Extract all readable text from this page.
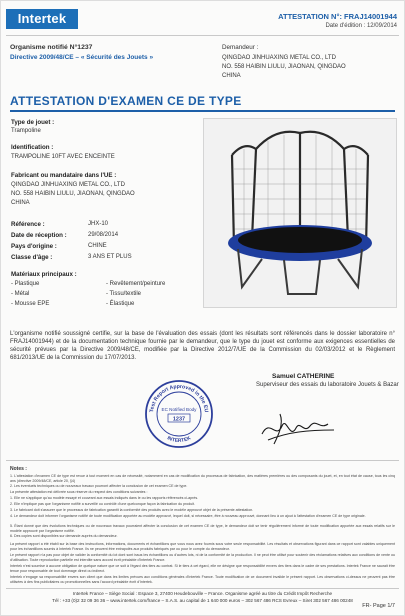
Intertek	ATTESTATION N°: FRAJ14001944
Date d'édition : 12/09/2014
Organisme notifié N°1237
Directive 2009/48/CE – « Sécurité des Jouets »
Demandeur :
QINGDAO JINHUAXING METAL CO., LTD
NO. 558 HAIBIN LIULU, JIAONAN, QINGDAO
CHINA
ATTESTATION D'EXAMEN CE DE TYPE
Type de jouet :
Trampoline
Identification :
TRAMPOLINE 10FT AVEC ENCEINTE
Fabricant ou mandataire dans l'UE :
QINGDAO JINHUAXING METAL CO., LTD
NO. 558 HAIBIN LIULU, JIAONAN, QINGDAO
CHINA
Référence :	JHX-10
Date de réception :	29/08/2014
Pays d'origine :	CHINE
Classe d'âge :	3 ANS ET PLUS
Matériaux principaux :
- Plastique
- Métal
- Mousse EPE
- Revêtement/peinture
- Tissu/textile
- Élastique
L'organisme notifié soussigné certifie, sur la base de l'évaluation des essais (dont les résultats sont référencés dans le dossier laboratoire n° FRAJ14001944) et de la documentation technique fournie par le demandeur, que le type du jouet est conforme aux exigences essentielles de sécurité prévues par la Directive 2009/48/CE, modifiée par la Directive 2012/7/UE de la Commission du 02/03/2012 et le Règlement 681/2013/UE de la Commission du 17/07/2013.
Samuel CATHERINE
Superviseur des essais du laboratoire Jouets & Bazar
Test Report Approved in the EU
EC Notified Body
1237
INTERTEK
Notes :
1. L'attestation d'examen CE de type est revue à tout moment en cas de nécessité, notamment en cas de modification du processus de fabrication, des matières premières ou des composants du jouet, et, en tout état de cause, tous les cinq ans (directive 2009/48/CE, article 20, §4)
2. Les éventuels techniques ou de nouveaux travaux pourront affecter la conclusion de cet examen CE de type.
La présente attestation est délivrée sous réserve du respect des conditions suivantes :
1. Elle ne s'applique qu'au modèle essayé et couvrant aux essais indiqués dans le ou les rapports référencés ci-après.
2. Elle n'implique pas que l'organisme notifié a surveillé ou contrôlé d'une quelconque façon la fabrication du produit.
3. Le fabricant doit s'assurer que le processus de fabrication garantit la conformité des produits avec le modèle approuvé objet de la présente attestation.
4. Le demandeur doit informer l'organisme notifié de toute modification apportée au modèle approuvé, lequel doit, si nécessaire, être à nouveau approuvé, donnant lieu à un ajout à l'attestation d'examen CE de type originale.
5. Étant donné que des évolutions techniques ou de nouveaux travaux pourraient affecter la conclusion de cet examen CE de type, le demandeur doit se tenir régulièrement informé de toute modification apportée aux essais relatifs sur le modèle approuvé par l'organisme notifié.
6. Des copies sont disponibles sur demande auprès du demandeur.
La présent rapport a été établi sur la base des instructions, informations, documents et échantillons que vous nous avez fournis sous votre seule responsabilité. Les résultats et observations figurant dans ce rapport sont valables uniquement pour les échantillons soumis à Intertek France. Ils ne peuvent être extrapolés aux produits fabriqués par ou pour le compte du demandeur.
Le présent rapport n'a pas pour objet de valider la conformité du lot dont sont issus les échantillons ou d'autres lots, ni de la conformité de la production. Il ne peut être utilisé pour soutenir des réclamations relatives aux conditions de vente ou d'utilisation. Toute reproduction partielle est interdite sans accord écrit préalable d'Intertek France.
Intertek n'est soumise à aucune obligation de quelque nature que ce soit à l'égard des tiers au contrat. Si le tiers à cet égard, elle ne désigne que responsabilité envers des tiers dans le cadre de ses prestations. Intertek France ne saurait être tenue pour responsable de tout dommage direct ou indirect.
Intertek n'engage sa responsabilité envers son client que dans les limites prévues aux conditions générales d'Intertek France. Toute modification de ce document invalide le présent rapport. Les observations ci-dessus ne peuvent pas être utilisées à des fins publicitaires ou promotionnelles sans l'accord préalable écrit d'Intertek.
Intertek France – Siège Social : Espace 3, 27400 Heudebouville – France. Organisme agréé au titre du Crédit Impôt Recherche
Tél : +33 (0)2 32 09 36 36 – www.intertek.com/france – S.A.S. au capital de 1 640 000 euros – 302 567 486 RCS Evreux – Siret 302 567 486 00248
FR- Page 1/7
